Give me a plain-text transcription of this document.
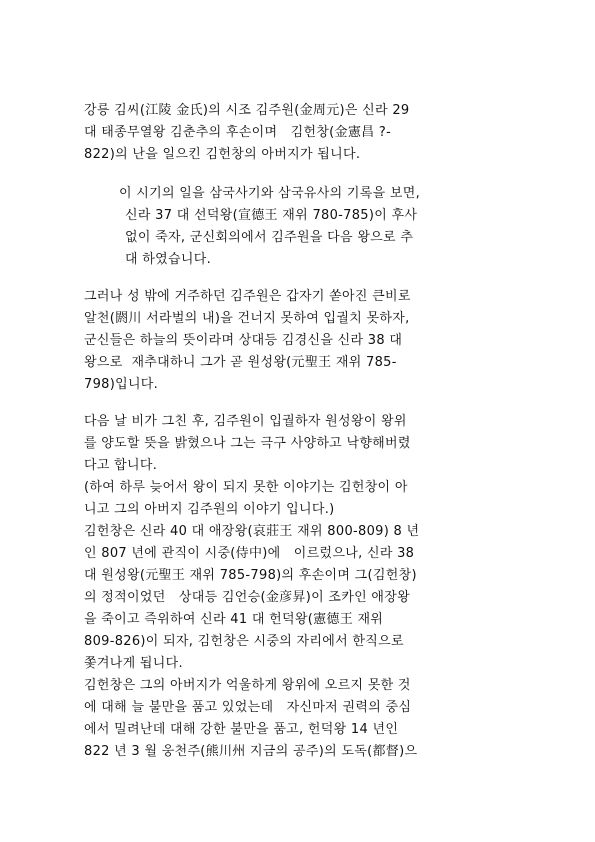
강릉 김씨(江陵 金氏)의 시조 김주원(金周元)은 신라 29
대 태종무열왕 김춘추의 후손이며   김헌창(金憲昌 ?-
822)의 난을 일으킨 김헌창의 아버지가 됩니다.
이 시기의 일을 삼국사기와 삼국유사의 기록을 보면,
신라 37 대 선덕왕(宣德王 재위 780-785)이 후사
없이 죽자, 군신회의에서 김주원을 다음 왕으로 추
대 하였습니다.
그러나 성 밖에 거주하던 김주원은 갑자기 쏟아진 큰비로
알천(閼川 서라벌의 내)을 건너지 못하여 입궐치 못하자,
군신들은 하늘의 뜻이라며 상대등 김경신을 신라 38 대
왕으로  재추대하니 그가 곧 원성왕(元聖王 재위 785-
798)입니다.
다음 날 비가 그친 후, 김주원이 입궐하자 원성왕이 왕위
를 양도할 뜻을 밝혔으나 그는 극구 사양하고 낙향해버렸
다고 합니다.
(하여 하루 늦어서 왕이 되지 못한 이야기는 김헌창이 아
니고 그의 아버지 김주원의 이야기 입니다.)
김헌창은 신라 40 대 애장왕(哀莊王 재위 800-809) 8 년
인 807 년에 관직이 시중(侍中)에   이르렀으나, 신라 38
대 원성왕(元聖王 재위 785-798)의 후손이며 그(김헌창)
의 정적이었던   상대등 김언승(金彦昇)이 조카인 애장왕
을 죽이고 즉위하여 신라 41 대 헌덕왕(憲德王 재위
809-826)이 되자, 김헌창은 시중의 자리에서 한직으로
쫓겨나게 됩니다.
김헌창은 그의 아버지가 억울하게 왕위에 오르지 못한 것
에 대해 늘 불만을 품고 있었는데   자신마저 권력의 중심
에서 밀려난데 대해 강한 불만을 품고, 헌덕왕 14 년인
822 년 3 월 웅천주(熊川州 지금의 공주)의 도독(都督)으
